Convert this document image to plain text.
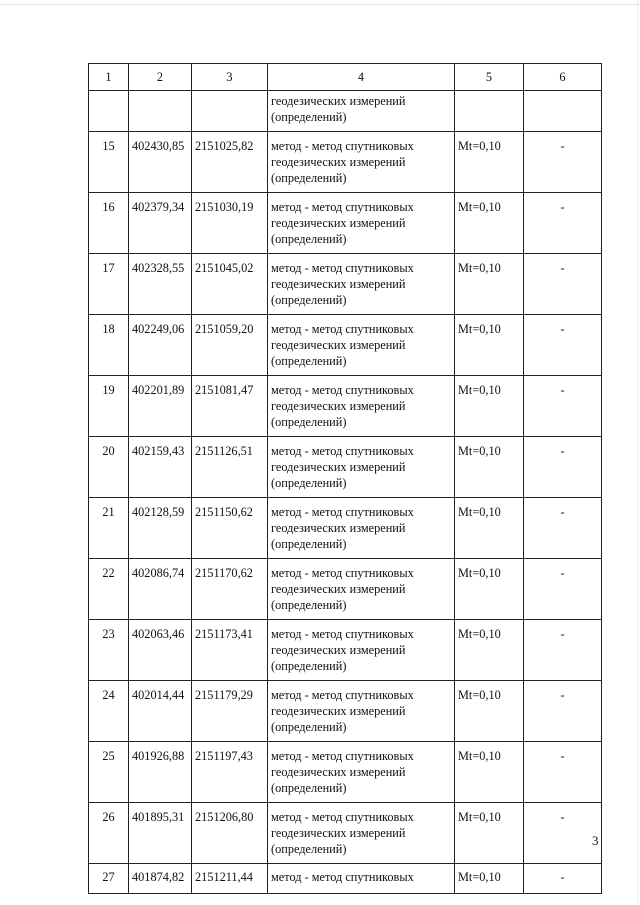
1	2	3	4	5	6
			геодезических измерений
(определений)		
15	402430,85	2151025,82	метод - метод спутниковых
геодезических измерений
(определений)	Mt=0,10	-
16	402379,34	2151030,19	метод - метод спутниковых
геодезических измерений
(определений)	Mt=0,10	-
17	402328,55	2151045,02	метод - метод спутниковых
геодезических измерений
(определений)	Mt=0,10	-
18	402249,06	2151059,20	метод - метод спутниковых
геодезических измерений
(определений)	Mt=0,10	-
19	402201,89	2151081,47	метод - метод спутниковых
геодезических измерений
(определений)	Mt=0,10	-
20	402159,43	2151126,51	метод - метод спутниковых
геодезических измерений
(определений)	Mt=0,10	-
21	402128,59	2151150,62	метод - метод спутниковых
геодезических измерений
(определений)	Mt=0,10	-
22	402086,74	2151170,62	метод - метод спутниковых
геодезических измерений
(определений)	Mt=0,10	-
23	402063,46	2151173,41	метод - метод спутниковых
геодезических измерений
(определений)	Mt=0,10	-
24	402014,44	2151179,29	метод - метод спутниковых
геодезических измерений
(определений)	Mt=0,10	-
25	401926,88	2151197,43	метод - метод спутниковых
геодезических измерений
(определений)	Mt=0,10	-
26	401895,31	2151206,80	метод - метод спутниковых
геодезических измерений
(определений)	Mt=0,10	-
27	401874,82	2151211,44	метод - метод спутниковых	Mt=0,10	-
3
